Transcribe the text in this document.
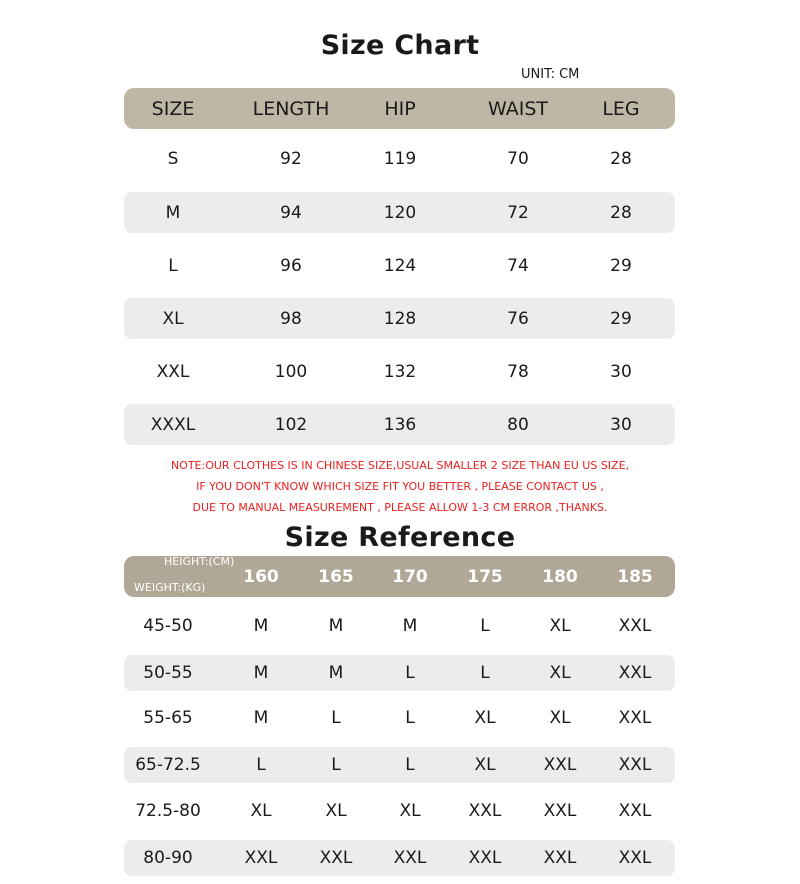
Size Chart
UNIT: CM
SIZE	LENGTH	HIP	WAIST	LEG
S	92	119	70	28
M	94	120	72	28
L	96	124	74	29
XL	98	128	76	29
XXL	100	132	78	30
XXXL	102	136	80	30
NOTE:OUR CLOTHES IS IN CHINESE SIZE,USUAL SMALLER 2 SIZE THAN EU US SIZE,
IF YOU DON'T KNOW WHICH SIZE FIT YOU BETTER , PLEASE CONTACT US ,
DUE TO MANUAL MEASUREMENT , PLEASE ALLOW 1-3 CM ERROR ,THANKS.
Size Reference
HEIGHT:(CM)
WEIGHT:(KG)
160 165 170 175 180 185
45-50	M	M	M	L	XL	XXL
50-55	M	M	L	L	XL	XXL
55-65	M	L	L	XL	XL	XXL
65-72.5	L	L	L	XL	XXL XXL
72.5-80	XL	XL	XL	XXL XXL XXL
80-90	XXL XXL XXL XXL XXL XXL
